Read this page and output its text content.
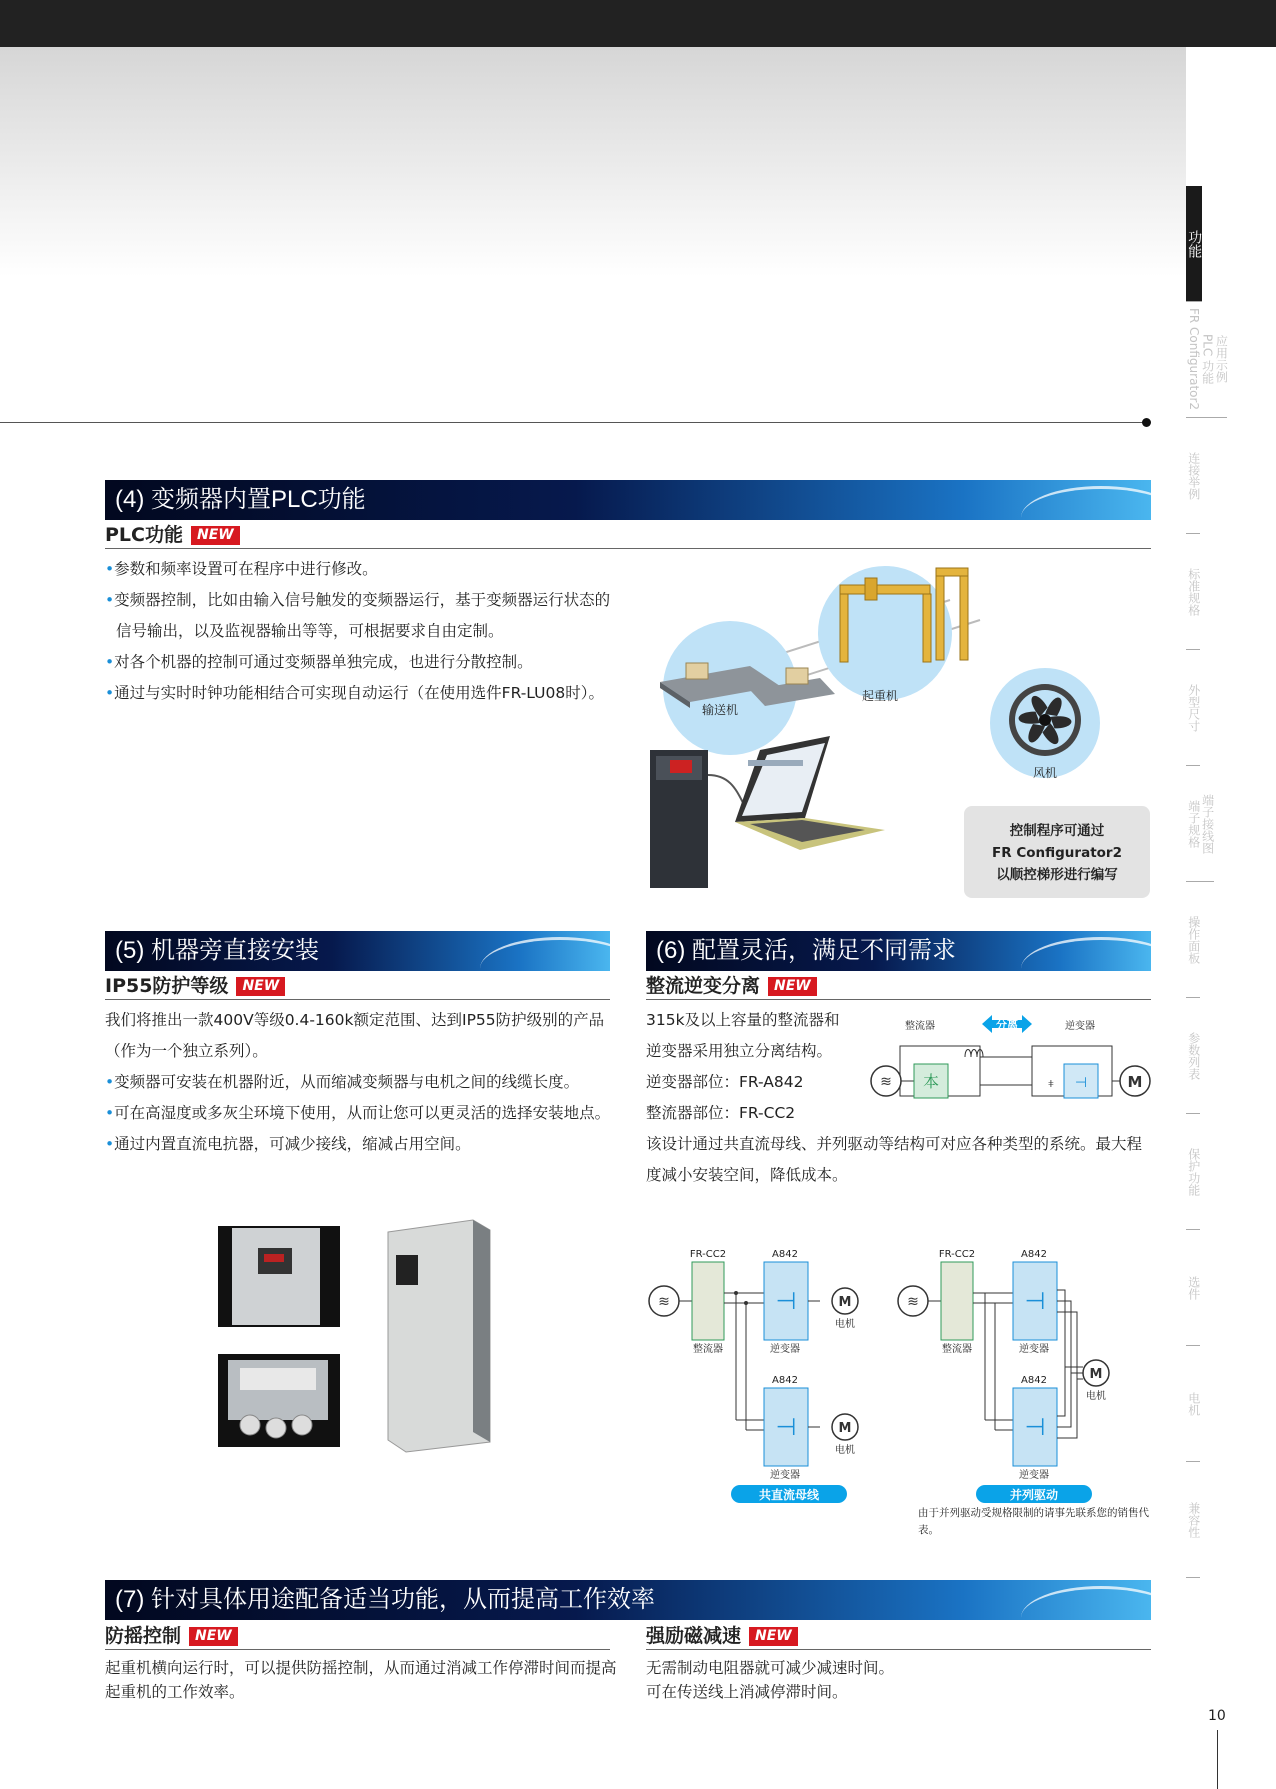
功能
应用示例
PLC 功能
FR Configurator2
连接举例
标准规格
外型尺寸
端子接线图
端子规格
操作面板
参数列表
保护功能
选件
电机
兼容性
(4) 变频器内置PLC功能
PLC功能 NEW
• 参数和频率设置可在程序中进行修改。
• 变频器控制，比如由输入信号触发的变频器运行，基于变频器运行状态的信号输出，以及监视器输出等等，可根据要求自由定制。
• 对各个机器的控制可通过变频器单独完成，也进行分散控制。
• 通过与实时时钟功能相结合可实现自动运行（在使用选件FR-LU08时）。
输送机
起重机
风机
控制程序可通过
FR Configurator2
以顺控梯形进行编写
(5) 机器旁直接安装
IP55防护等级 NEW
我们将推出一款400V等级0.4-160k额定范围、达到IP55防护级别的产品（作为一个独立系列）。
• 变频器可安装在机器附近，从而缩减变频器与电机之间的线缆长度。
• 可在高湿度或多灰尘环境下使用，从而让您可以更灵活的选择安装地点。
• 通过内置直流电抗器，可减少接线，缩减占用空间。
(6) 配置灵活，满足不同需求
整流逆变分离 NEW
315k及以上容量的整流器和
逆变器采用独立分离结构。
逆变器部位：FR-A842
整流器部位：FR-CC2
该设计通过共直流母线、并列驱动等结构可对应各种类型的系统。最大程度减小安装空间，降低成本。
整流器	分离	逆变器
≋ 本	⊣
⧧	M
FR-CC2	A842
≋
整流器
⊣
逆变器
M
电机
A842
⊣
逆变器
M
电机
共直流母线
FR-CC2	A842
≋
整流器
⊣
逆变器
A842
⊣
逆变器
M
电机
并列驱动
由于并列驱动受规格限制的请事先联系您的销售代表。
(7) 针对具体用途配备适当功能，从而提高工作效率
防摇控制 NEW
起重机横向运行时，可以提供防摇控制，从而通过消减工作停滞时间而提高起重机的工作效率。
强励磁减速 NEW
无需制动电阻器就可减少减速时间。
可在传送线上消减停滞时间。
10
